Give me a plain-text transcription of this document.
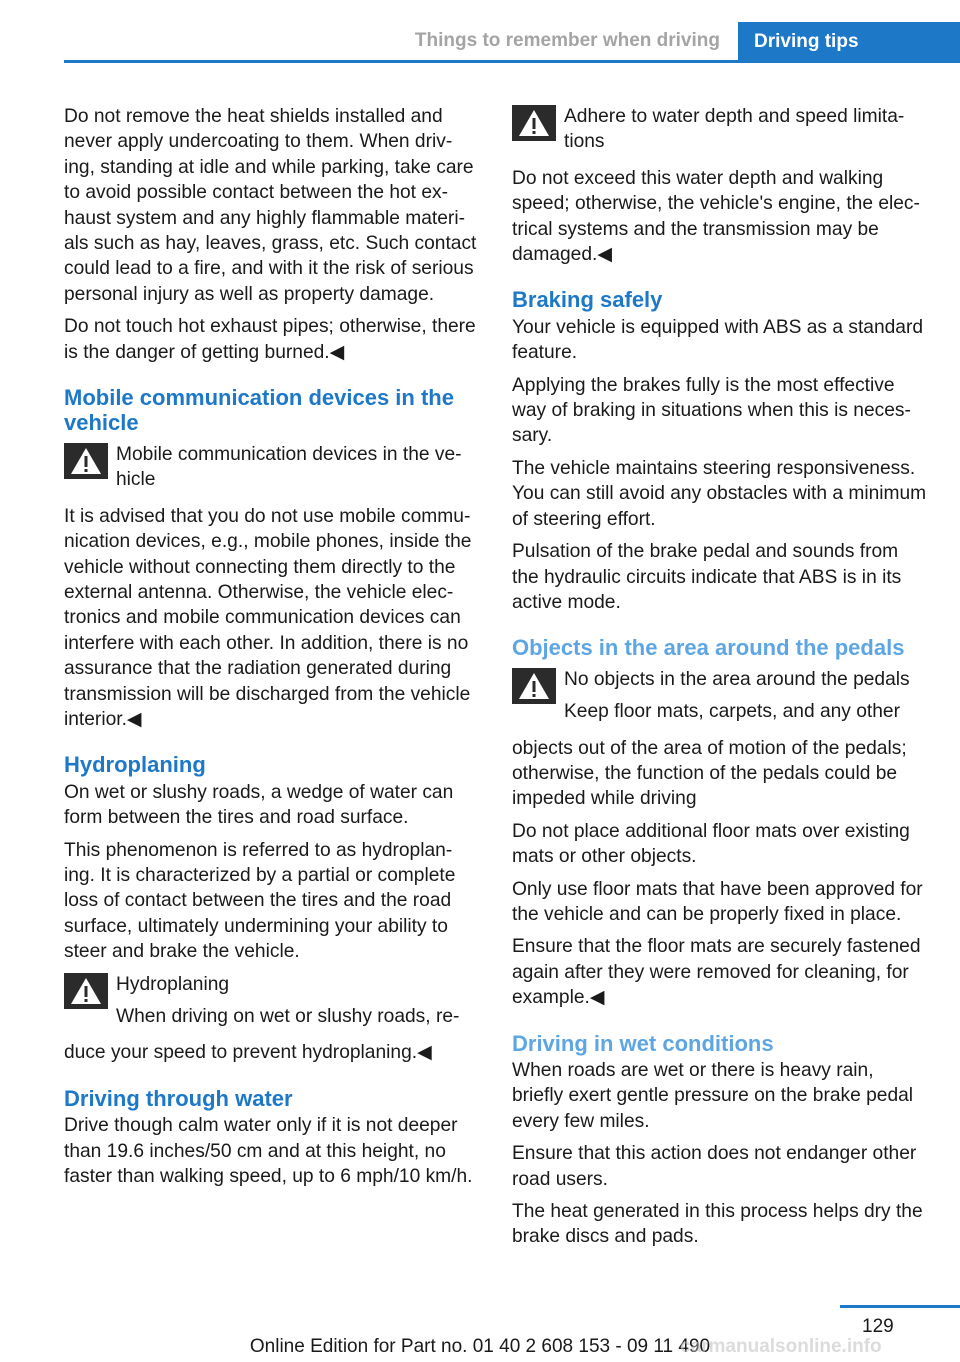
Things to remember when driving	Driving tips

Do not remove the heat shields installed and never apply undercoating to them. When driv-ing, standing at idle and while parking, take care to avoid possible contact between the hot ex-haust system and any highly flammable materi-als such as hay, leaves, grass, etc. Such contact could lead to a fire, and with it the risk of serious personal injury as well as property damage.

Do not touch hot exhaust pipes; otherwise, there is the danger of getting burned.◀

Mobile communication devices in the vehicle
Mobile communication devices in the ve-hicle

It is advised that you do not use mobile commu-nication devices, e.g., mobile phones, inside the vehicle without connecting them directly to the external antenna. Otherwise, the vehicle elec-tronics and mobile communication devices can interfere with each other. In addition, there is no assurance that the radiation generated during transmission will be discharged from the vehicle interior.◀

Hydroplaning

On wet or slushy roads, a wedge of water can form between the tires and road surface.

This phenomenon is referred to as hydroplan-ing. It is characterized by a partial or complete loss of contact between the tires and the road surface, ultimately undermining your ability to steer and brake the vehicle.

Hydroplaning
When driving on wet or slushy roads, re-

duce your speed to prevent hydroplaning.◀

Driving through water

Drive though calm water only if it is not deeper than 19.6 inches/50 cm and at this height, no faster than walking speed, up to 6 mph/10 km/h.

Adhere to water depth and speed limita-tions

Do not exceed this water depth and walking speed; otherwise, the vehicle's engine, the elec-trical systems and the transmission may be damaged.◀

Braking safely

Your vehicle is equipped with ABS as a standard feature.

Applying the brakes fully is the most effective way of braking in situations when this is neces-sary.

The vehicle maintains steering responsiveness. You can still avoid any obstacles with a minimum of steering effort.

Pulsation of the brake pedal and sounds from the hydraulic circuits indicate that ABS is in its active mode.

Objects in the area around the pedals
No objects in the area around the pedals
Keep floor mats, carpets, and any other

objects out of the area of motion of the pedals; otherwise, the function of the pedals could be impeded while driving

Do not place additional floor mats over existing mats or other objects.

Only use floor mats that have been approved for the vehicle and can be properly fixed in place.

Ensure that the floor mats are securely fastened again after they were removed for cleaning, for example.◀

Driving in wet conditions

When roads are wet or there is heavy rain, briefly exert gentle pressure on the brake pedal every few miles.

Ensure that this action does not endanger other road users.

The heat generated in this process helps dry the brake discs and pads.

129
Online Edition for Part no. 01 40 2 608 153 - 09 11 490
carmanualsonline.info
